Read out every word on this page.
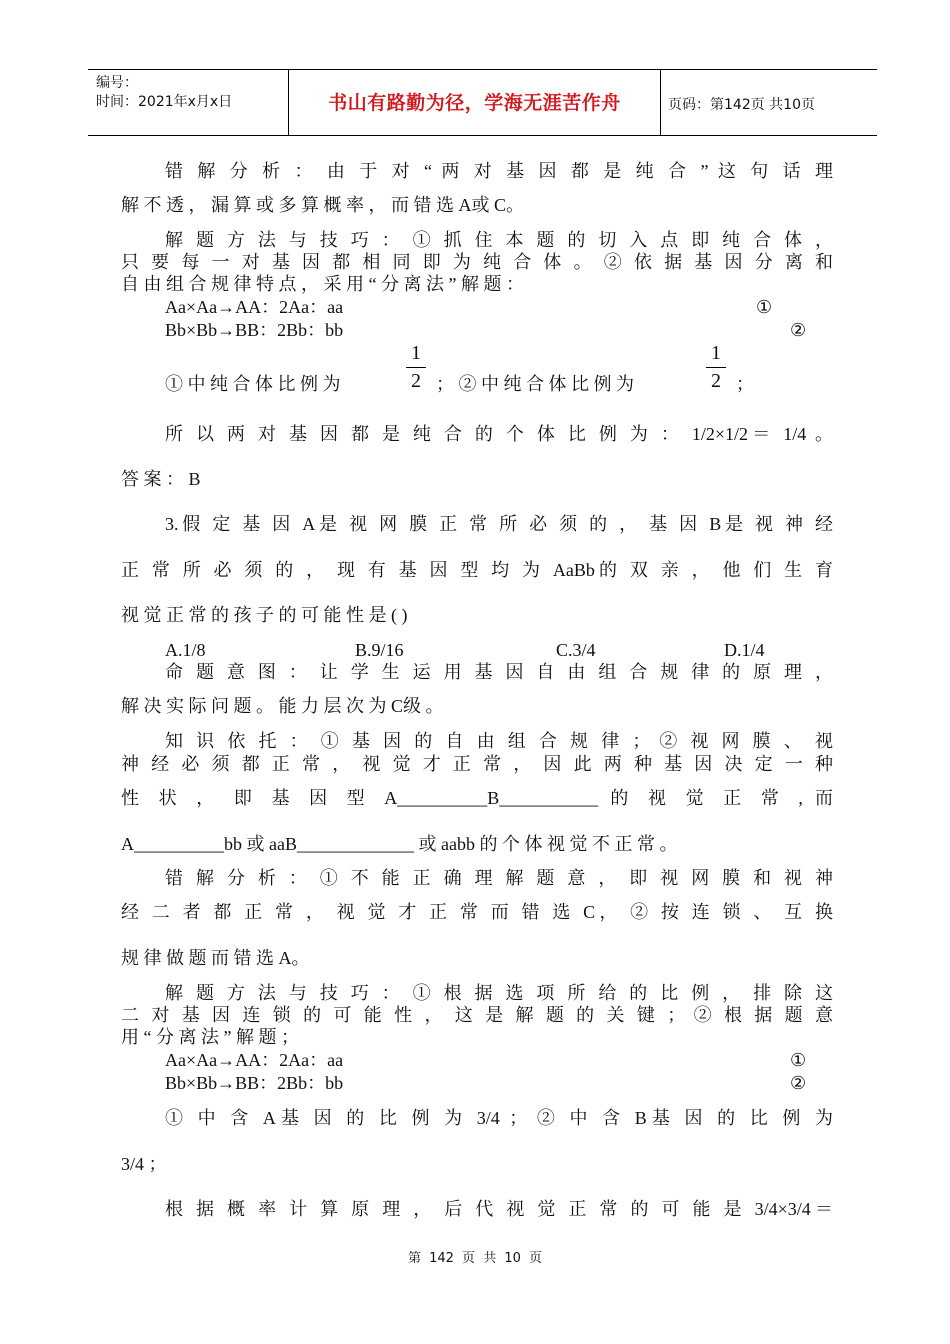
编号：
时间：2021年x月x日	书山有路勤为径，学海无涯苦作舟	页码：第142页 共10页
错 解 分 析 ： 由 于 对 “ 两 对 基 因 都 是 纯 合 ” 这 句 话 理
解 不 透 ， 漏 算 或 多 算 概 率 ， 而 错 选 A或 C。
解 题 方 法 与 技 巧 ： ① 抓 住 本 题 的 切 入 点 即 纯 合 体 ，
只 要 每 一 对 基 因 都 相 同 即 为 纯 合 体 。 ② 依 据 基 因 分 离 和
自 由 组 合 规 律 特 点 ， 采 用 “ 分 离 法 ” 解 题 ：
Aa×Aa→AA：2Aa：aa	①
Bb×Bb→BB：2Bb：bb	②
① 中 纯 合 体 比 例 为
1
2 ； ② 中 纯 合 体 比 例 为
1
2 ；
所 以 两 对 基 因 都 是 纯 合 的 个 体 比 例 为 ： 1/2×1/2＝ 1/4 。
答 案 ： B
3.假 定 基 因 A是 视 网 膜 正 常 所 必 须 的 ， 基 因 B是 视 神 经
正 常 所 必 须 的 ， 现 有 基 因 型 均 为 AaBb的 双 亲 ， 他 们 生 育
视 觉 正 常 的 孩 子 的 可 能 性 是 ( )
A.1/8	B.9/16	C.3/4	D.1/4
命 题 意 图 ： 让 学 生 运 用 基 因 自 由 组 合 规 律 的 原 理 ，
解 决 实 际 问 题 。 能 力 层 次 为 C级 。
知 识 依 托 ： ① 基 因 的 自 由 组 合 规 律 ； ② 视 网 膜 、 视
神 经 必 须 都 正 常 ， 视 觉 才 正 常 ， 因 此 两 种 基 因 决 定 一 种
性 状 ， 即 基 因 型 A__________B___________ 的 视 觉 正 常 , 而
A__________bb 或 aaB_____________ 或 aabb 的 个 体 视 觉 不 正 常 。
错 解 分 析 ： ① 不 能 正 确 理 解 题 意 ， 即 视 网 膜 和 视 神
经 二 者 都 正 常 ， 视 觉 才 正 常 而 错 选 C， ② 按 连 锁 、 互 换
规 律 做 题 而 错 选 A。
解 题 方 法 与 技 巧 ： ① 根 据 选 项 所 给 的 比 例 ， 排 除 这
二 对 基 因 连 锁 的 可 能 性 ， 这 是 解 题 的 关 键 ； ② 根 据 题 意
用 “ 分 离 法 ” 解 题 ；
Aa×Aa→AA：2Aa：aa	①
Bb×Bb→BB：2Bb：bb	②
① 中 含 A基 因 的 比 例 为 3/4 ； ② 中 含 B基 因 的 比 例 为
3/4 ；
根 据 概 率 计 算 原 理 ， 后 代 视 觉 正 常 的 可 能 是 3/4×3/4＝
第 142 页 共 10 页
